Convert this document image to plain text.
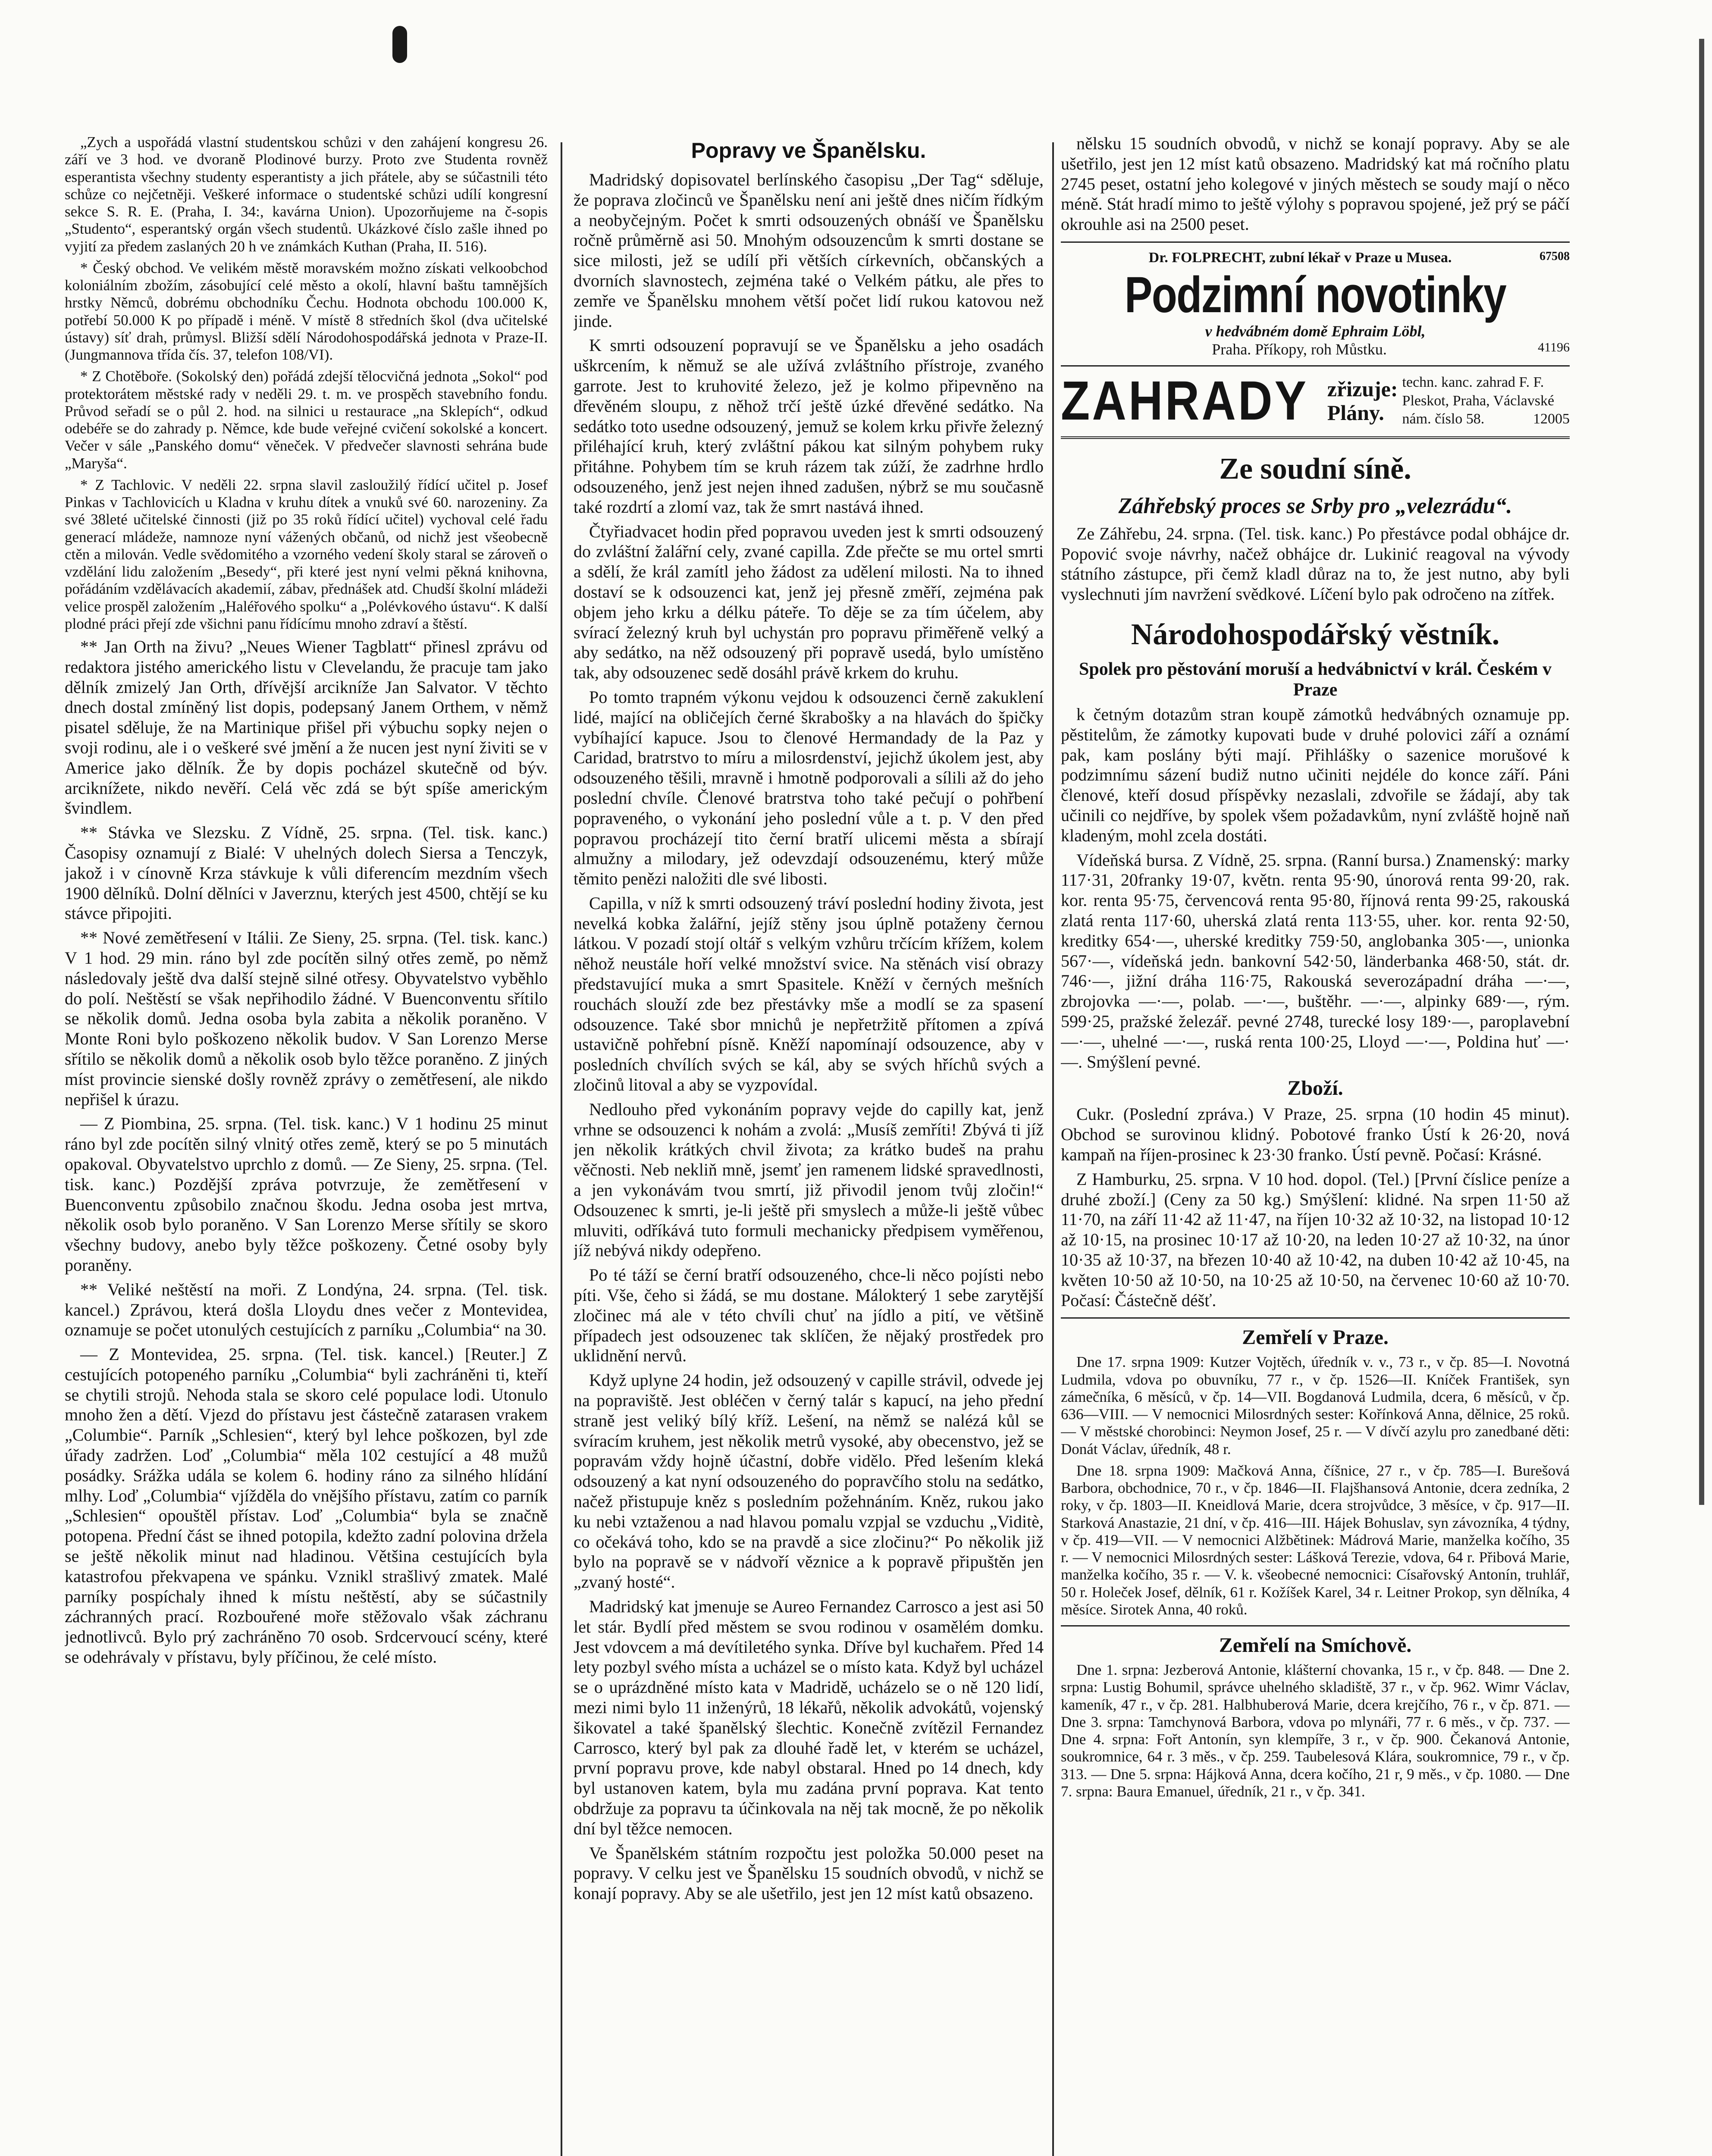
„Zych a uspořádá vlastní studentskou schůzi v den zahájení kongresu 26. září ve 3 hod. ve dvoraně Plodinové burzy. Proto zve Studenta rovněž esperantista všechny studenty esperantisty a jich přátele, aby se súčastnili této schůze co nejčetněji. Veškeré informace o studentské schůzi udílí kongresní sekce S. R. E. (Praha, I. 34:, kavárna Union). Upozorňujeme na č-sopis „Studento“, esperantský orgán všech studentů. Ukázkové číslo zašle ihned po vyjití za předem zaslaných 20 h ve známkách Kuthan (Praha, II. 516).

* Český obchod. Ve velikém městě moravském možno získati velkoobchod koloniálním zbožím, zásobující celé město a okolí, hlavní baštu tamnějších hrstky Němců, dobrému obchodníku Čechu. Hodnota obchodu 100.000 K, potřebí 50.000 K po případě i méně. V místě 8 středních škol (dva učitelské ústavy) síť drah, průmysl. Bližší sdělí Národohospodářská jednota v Praze-II. (Jungmannova třída čís. 37, telefon 108/VI).

* Z Chotěboře. (Sokolský den) pořádá zdejší tělocvičná jednota „Sokol“ pod protektorátem městské rady v neděli 29. t. m. ve prospěch stavebního fondu. Průvod seřadí se o půl 2. hod. na silnici u restaurace „na Sklepích“, odkud odebéře se do zahrady p. Němce, kde bude veřejné cvičení sokolské a koncert. Večer v sále „Panského domu“ věneček. V předvečer slavnosti sehrána bude „Maryša“.

* Z Tachlovic. V neděli 22. srpna slavil zasloužilý řídící učitel p. Josef Pinkas v Tachlovicích u Kladna v kruhu dítek a vnuků své 60. narozeniny. Za své 38leté učitelské činnosti (již po 35 roků řídící učitel) vychoval celé řadu generací mládeže, namnoze nyní vážených občanů, od nichž jest všeobecně ctěn a milován. Vedle svědomitého a vzorného vedení školy staral se zároveň o vzdělání lidu založením „Besedy“, při které jest nyní velmi pěkná knihovna, pořádáním vzdělávacích akademií, zábav, přednášek atd. Chudší školní mládeži velice prospěl založením „Haléřového spolku“ a „Polévkového ústavu“. K další plodné práci přejí zde všichni panu řídícímu mnoho zdraví a štěstí.

** Jan Orth na živu? „Neues Wiener Tagblatt“ přinesl zprávu od redaktora jistého amerického listu v Clevelandu, že pracuje tam jako dělník zmizelý Jan Orth, dřívější arcikníže Jan Salvator. V těchto dnech dostal zmíněný list dopis, podepsaný Janem Orthem, v němž pisatel sděluje, že na Martinique přišel při výbuchu sopky nejen o svoji rodinu, ale i o veškeré své jmění a že nucen jest nyní živiti se v Americe jako dělník. Že by dopis pocházel skutečně od býv. arciknížete, nikdo nevěří. Celá věc zdá se být spíše americkým švindlem.

** Stávka ve Slezsku. Z Vídně, 25. srpna. (Tel. tisk. kanc.) Časopisy oznamují z Bialé: V uhelných dolech Siersa a Tenczyk, jakož i v cínovně Krza stávkuje k vůli diferencím mezdním všech 1900 dělníků. Dolní dělníci v Javerznu, kterých jest 4500, chtějí se ku stávce připojiti.

** Nové zemětřesení v Itálii. Ze Sieny, 25. srpna. (Tel. tisk. kanc.) V 1 hod. 29 min. ráno byl zde pocítěn silný otřes země, po němž následovaly ještě dva další stejně silné otřesy. Obyvatelstvo vyběhlo do polí. Neštěstí se však nepřihodilo žádné. V Buenconventu sřítilo se několik domů. Jedna osoba byla zabita a několik poraněno. V Monte Roni bylo poškozeno několik budov. V San Lorenzo Merse sřítilo se několik domů a několik osob bylo těžce poraněno. Z jiných míst provincie sienské došly rovněž zprávy o zemětřesení, ale nikdo nepřišel k úrazu.

— Z Piombina, 25. srpna. (Tel. tisk. kanc.) V 1 hodinu 25 minut ráno byl zde pocítěn silný vlnitý otřes země, který se po 5 minutách opakoval. Obyvatelstvo uprchlo z domů. — Ze Sieny, 25. srpna. (Tel. tisk. kanc.) Pozdější zpráva potvrzuje, že zemětřesení v Buenconventu způsobilo značnou škodu. Jedna osoba jest mrtva, několik osob bylo poraněno. V San Lorenzo Merse sřítily se skoro všechny budovy, anebo byly těžce poškozeny. Četné osoby byly poraněny.

** Veliké neštěstí na moři. Z Londýna, 24. srpna. (Tel. tisk. kancel.) Zprávou, která došla Lloydu dnes večer z Montevidea, oznamuje se počet utonulých cestujících z parníku „Columbia“ na 30.

— Z Montevidea, 25. srpna. (Tel. tisk. kancel.) [Reuter.] Z cestujících potopeného parníku „Columbia“ byli zachráněni ti, kteří se chytili strojů. Nehoda stala se skoro celé populace lodi. Utonulo mnoho žen a dětí. Vjezd do přístavu jest částečně zatarasen vrakem „Columbie“. Parník „Schlesien“, který byl lehce poškozen, byl zde úřady zadržen. Loď „Columbia“ měla 102 cestující a 48 mužů posádky. Srážka udála se kolem 6. hodiny ráno za silného hlídání mlhy. Loď „Columbia“ vjížděla do vnějšího přístavu, zatím co parník „Schlesien“ opouštěl přístav. Loď „Columbia“ byla se značně potopena. Přední část se ihned potopila, kdežto zadní polovina držela se ještě několik minut nad hladinou. Většina cestujících byla katastrofou překvapena ve spánku. Vznikl strašlivý zmatek. Malé parníky pospíchaly ihned k místu neštěstí, aby se súčastnily záchranných prací. Rozbouřené moře stěžovalo však záchranu jednotlivců. Bylo prý zachráněno 70 osob. Srdcervoucí scény, které se odehrávaly v přístavu, byly příčinou, že celé místo.

Popravy ve Španělsku.

Madridský dopisovatel berlínského časopisu „Der Tag“ sděluje, že poprava zločinců ve Španělsku není ani ještě dnes ničím řídkým a neobyčejným. Počet k smrti odsouzených obnáší ve Španělsku ročně průměrně asi 50. Mnohým odsouzencům k smrti dostane se sice milosti, jež se udílí při větších církevních, občanských a dvorních slavnostech, zejména také o Velkém pátku, ale přes to zemře ve Španělsku mnohem větší počet lidí rukou katovou než jinde.

K smrti odsouzení popravují se ve Španělsku a jeho osadách uškrcením, k němuž se ale užívá zvláštního přístroje, zvaného garrote. Jest to kruhovité železo, jež je kolmo připevněno na dřevěném sloupu, z něhož trčí ještě úzké dřevěné sedátko. Na sedátko toto usedne odsouzený, jemuž se kolem krku přivře železný přiléhající kruh, který zvláštní pákou kat silným pohybem ruky přitáhne. Pohybem tím se kruh rázem tak zúží, že zadrhne hrdlo odsouzeného, jenž jest nejen ihned zadušen, nýbrž se mu současně také rozdrtí a zlomí vaz, tak že smrt nastává ihned.

Čtyřiadvacet hodin před popravou uveden jest k smrti odsouzený do zvláštní žalářní cely, zvané capilla. Zde přečte se mu ortel smrti a sdělí, že král zamítl jeho žádost za udělení milosti. Na to ihned dostaví se k odsouzenci kat, jenž jej přesně změří, zejména pak objem jeho krku a délku páteře. To děje se za tím účelem, aby svírací železný kruh byl uchystán pro popravu přiměřeně velký a aby sedátko, na něž odsouzený při popravě usedá, bylo umístěno tak, aby odsouzenec sedě dosáhl právě krkem do kruhu.

Po tomto trapném výkonu vejdou k odsouzenci černě zakuklení lidé, mající na obličejích černé škrabošky a na hlavách do špičky vybíhající kapuce. Jsou to členové Hermandady de la Paz y Caridad, bratrstvo to míru a milosrdenství, jejichž úkolem jest, aby odsouzeného těšili, mravně i hmotně podporovali a sílili až do jeho poslední chvíle. Členové bratrstva toho také pečují o pohřbení popraveného, o vykonání jeho poslední vůle a t. p. V den před popravou procházejí tito černí bratří ulicemi města a sbírají almužny a milodary, jež odevzdají odsouzenému, který může těmito penězi naložiti dle své libosti.

Capilla, v níž k smrti odsouzený tráví poslední hodiny života, jest nevelká kobka žalářní, jejíž stěny jsou úplně potaženy černou látkou. V pozadí stojí oltář s velkým vzhůru trčícím křížem, kolem něhož neustále hoří velké množství svice. Na stěnách visí obrazy představující muka a smrt Spasitele. Kněží v černých mešních rouchách slouží zde bez přestávky mše a modlí se za spasení odsouzence. Také sbor mnichů je nepřetržitě přítomen a zpívá ustavičně pohřební písně. Kněží napomínají odsouzence, aby v posledních chvílích svých se kál, aby se svých hříchů svých a zločinů litoval a aby se vyzpovídal.

Nedlouho před vykonáním popravy vejde do capilly kat, jenž vrhne se odsouzenci k nohám a zvolá: „Musíš zemříti! Zbývá ti jíž jen několik krátkých chvil života; za krátko budeš na prahu věčnosti. Neb nekliň mně, jsemť jen ramenem lidské spravedlnosti, a jen vykonávám tvou smrtí, již přivodil jenom tvůj zločin!“ Odsouzenec k smrti, je-li ještě při smyslech a může-li ještě vůbec mluviti, odříkává tuto formuli mechanicky předpisem vyměřenou, jíž nebývá nikdy odepřeno.

Po té táží se černí bratří odsouzeného, chce-li něco pojísti nebo píti. Vše, čeho si žádá, se mu dostane. Málokterý 1 sebe zarytější zločinec má ale v této chvíli chuť na jídlo a pití, ve většině případech jest odsouzenec tak sklíčen, že nějaký prostředek pro uklidnění nervů.

Když uplyne 24 hodin, jež odsouzený v capille strávil, odvede jej na popraviště. Jest obléčen v černý talár s kapucí, na jeho přední straně jest veliký bílý kříž. Lešení, na němž se nalézá kůl se svíracím kruhem, jest několik metrů vysoké, aby obecenstvo, jež se popravám vždy hojně účastní, dobře vidělo. Před lešením kleká odsouzený a kat nyní odsouzeného do popravčího stolu na sedátko, načež přistupuje kněz s posledním požehnáním. Kněz, rukou jako ku nebi vztaženou a nad hlavou pomalu vzpjal se vzduchu „Viditè, co očekává toho, kdo se na pravdě a sice zločinu?“ Po několik již bylo na popravě se v nádvoří věznice a k popravě připuštěn jen „zvaný hosté“.

Madridský kat jmenuje se Aureo Fernandez Carrosco a jest asi 50 let stár. Bydlí před městem se svou rodinou v osamělém domku. Jest vdovcem a má devítiletého synka. Dříve byl kuchařem. Před 14 lety pozbyl svého místa a ucházel se o místo kata. Když byl ucházel se o uprázdněné místo kata v Madridě, ucházelo se o ně 120 lidí, mezi nimi bylo 11 inženýrů, 18 lékařů, několik advokátů, vojenský šikovatel a také španělský šlechtic. Konečně zvítězil Fernandez Carrosco, který byl pak za dlouhé řadě let, v kterém se ucházel, první popravu prove, kde nabyl obstaral. Hned po 14 dnech, kdy byl ustanoven katem, byla mu zadána první poprava. Kat tento obdržuje za popravu ta účinkovala na něj tak mocně, že po několik dní byl těžce nemocen.

Ve Španělském státním rozpočtu jest položka 50.000 peset na popravy. V celku jest ve Španělsku 15 soudních obvodů, v nichž se konají popravy. Aby se ale ušetřilo, jest jen 12 míst katů obsazeno.

nělsku 15 soudních obvodů, v nichž se konají popravy. Aby se ale ušetřilo, jest jen 12 míst katů obsazeno. Madridský kat má ročního platu 2745 peset, ostatní jeho kolegové v jiných městech se soudy mají o něco méně. Stát hradí mimo to ještě výlohy s popravou spojené, jež prý se páčí okrouhle asi na 2500 peset.

Dr. FOLPRECHT, zubní lékař v Praze u Musea.	67508
Podzimní novotinky
v hedvábném domě Ephraim Löbl,
Praha. Příkopy, roh Můstku.	41196
ZAHRADY zřizuje: Plány.
techn. kanc. zahrad F. F. Pleskot, Praha, Václavské nám. číslo 58.	12005
Ze soudní síně.
Záhřebský proces se Srby pro „velezrádu“.

Ze Záhřebu, 24. srpna. (Tel. tisk. kanc.) Po přestávce podal obhájce dr. Popović svoje návrhy, načež obhájce dr. Lukinić reagoval na vývody státního zástupce, při čemž kladl důraz na to, že jest nutno, aby byli vyslechnuti jím navržení svědkové. Líčení bylo pak odročeno na zítřek.

Národohospodářský věstník.
Spolek pro pěstování moruší a hedvábnictví v král. Českém v Praze

k četným dotazům stran koupě zámotků hedvábných oznamuje pp. pěstitelům, že zámotky kupovati bude v druhé polovici září a oznámí pak, kam poslány býti mají. Přihlášky o sazenice morušové k podzimnímu sázení budiž nutno učiniti nejdéle do konce září. Páni členové, kteří dosud příspěvky nezaslali, zdvořile se žádají, aby tak učinili co nejdříve, by spolek všem požadavkům, nyní zvláště hojně naň kladeným, mohl zcela dostáti.

Vídeňská bursa. Z Vídně, 25. srpna. (Ranní bursa.) Znamenský: marky 117·31, 20franky 19·07, květn. renta 95·90, únorová renta 99·20, rak. kor. renta 95·75, červencová renta 95·80, říjnová renta 99·25, rakouská zlatá renta 117·60, uherská zlatá renta 113·55, uher. kor. renta 92·50, kreditky 654·—, uherské kreditky 759·50, anglobanka 305·—, unionka 567·—, vídeňská jedn. bankovní 542·50, länderbanka 468·50, stát. dr. 746·—, jižní dráha 116·75, Rakouská severozápadní dráha —·—, zbrojovka —·—, polab. —·—, buštěhr. —·—, alpinky 689·—, rým. 599·25, pražské železář. pevné 2748, turecké losy 189·—, paroplavební —·—, uhelné —·—, ruská renta 100·25, Lloyd —·—, Poldina huť —·—. Smýšlení pevné.

Zboží.

Cukr. (Poslední zpráva.) V Praze, 25. srpna (10 hodin 45 minut). Obchod se surovinou klidný. Pobotové franko Ústí k 26·20, nová kampaň na říjen-prosinec k 23·30 franko. Ústí pevně. Počasí: Krásné.

Z Hamburku, 25. srpna. V 10 hod. dopol. (Tel.) [První číslice peníze a druhé zboží.] (Ceny za 50 kg.) Smýšlení: klidné. Na srpen 11·50 až 11·70, na září 11·42 až 11·47, na říjen 10·32 až 10·32, na listopad 10·12 až 10·15, na prosinec 10·17 až 10·20, na leden 10·27 až 10·32, na únor 10·35 až 10·37, na březen 10·40 až 10·42, na duben 10·42 až 10·45, na květen 10·50 až 10·50, na 10·25 až 10·50, na červenec 10·60 až 10·70. Počasí: Částečně déšť.

Zemřelí v Praze.

Dne 17. srpna 1909: Kutzer Vojtěch, úředník v. v., 73 r., v čp. 85—I. Novotná Ludmila, vdova po obuvníku, 77 r., v čp. 1526—II. Kníček František, syn zámečníka, 6 měsíců, v čp. 14—VII. Bogdanová Ludmila, dcera, 6 měsíců, v čp. 636—VIII. — V nemocnici Milosrdných sester: Kořínková Anna, dělnice, 25 roků. — V městské chorobinci: Neymon Josef, 25 r. — V dívčí azylu pro zanedbané děti: Donát Václav, úředník, 48 r.

Dne 18. srpna 1909: Mačková Anna, číšnice, 27 r., v čp. 785—I. Burešová Barbora, obchodnice, 70 r., v čp. 1846—II. Flajšhansová Antonie, dcera zedníka, 2 roky, v čp. 1803—II. Kneidlová Marie, dcera strojvůdce, 3 měsíce, v čp. 917—II. Starková Anastazie, 21 dní, v čp. 416—III. Hájek Bohuslav, syn závozníka, 4 týdny, v čp. 419—VII. — V nemocnici Alžbětinek: Mádrová Marie, manželka kočího, 35 r. — V nemocnici Milosrdných sester: Lášková Terezie, vdova, 64 r. Přibová Marie, manželka kočího, 35 r. — V. k. všeobecné nemocnici: Císařovský Antonín, truhlář, 50 r. Holeček Josef, dělník, 61 r. Kožíšek Karel, 34 r. Leitner Prokop, syn dělníka, 4 měsíce. Sirotek Anna, 40 roků.

Zemřelí na Smíchově.

Dne 1. srpna: Jezberová Antonie, klášterní chovanka, 15 r., v čp. 848. — Dne 2. srpna: Lustig Bohumil, správce uhelného skladiště, 37 r., v čp. 962. Wimr Václav, kameník, 47 r., v čp. 281. Halbhuberová Marie, dcera krejčího, 76 r., v čp. 871. — Dne 3. srpna: Tamchynová Barbora, vdova po mlynáři, 77 r. 6 měs., v čp. 737. — Dne 4. srpna: Fořt Antonín, syn klempíře, 3 r., v čp. 900. Čekanová Antonie, soukromnice, 64 r. 3 měs., v čp. 259. Taubelesová Klára, soukromnice, 79 r., v čp. 313. — Dne 5. srpna: Hájková Anna, dcera kočího, 21 r, 9 měs., v čp. 1080. — Dne 7. srpna: Baura Emanuel, úředník, 21 r., v čp. 341.
